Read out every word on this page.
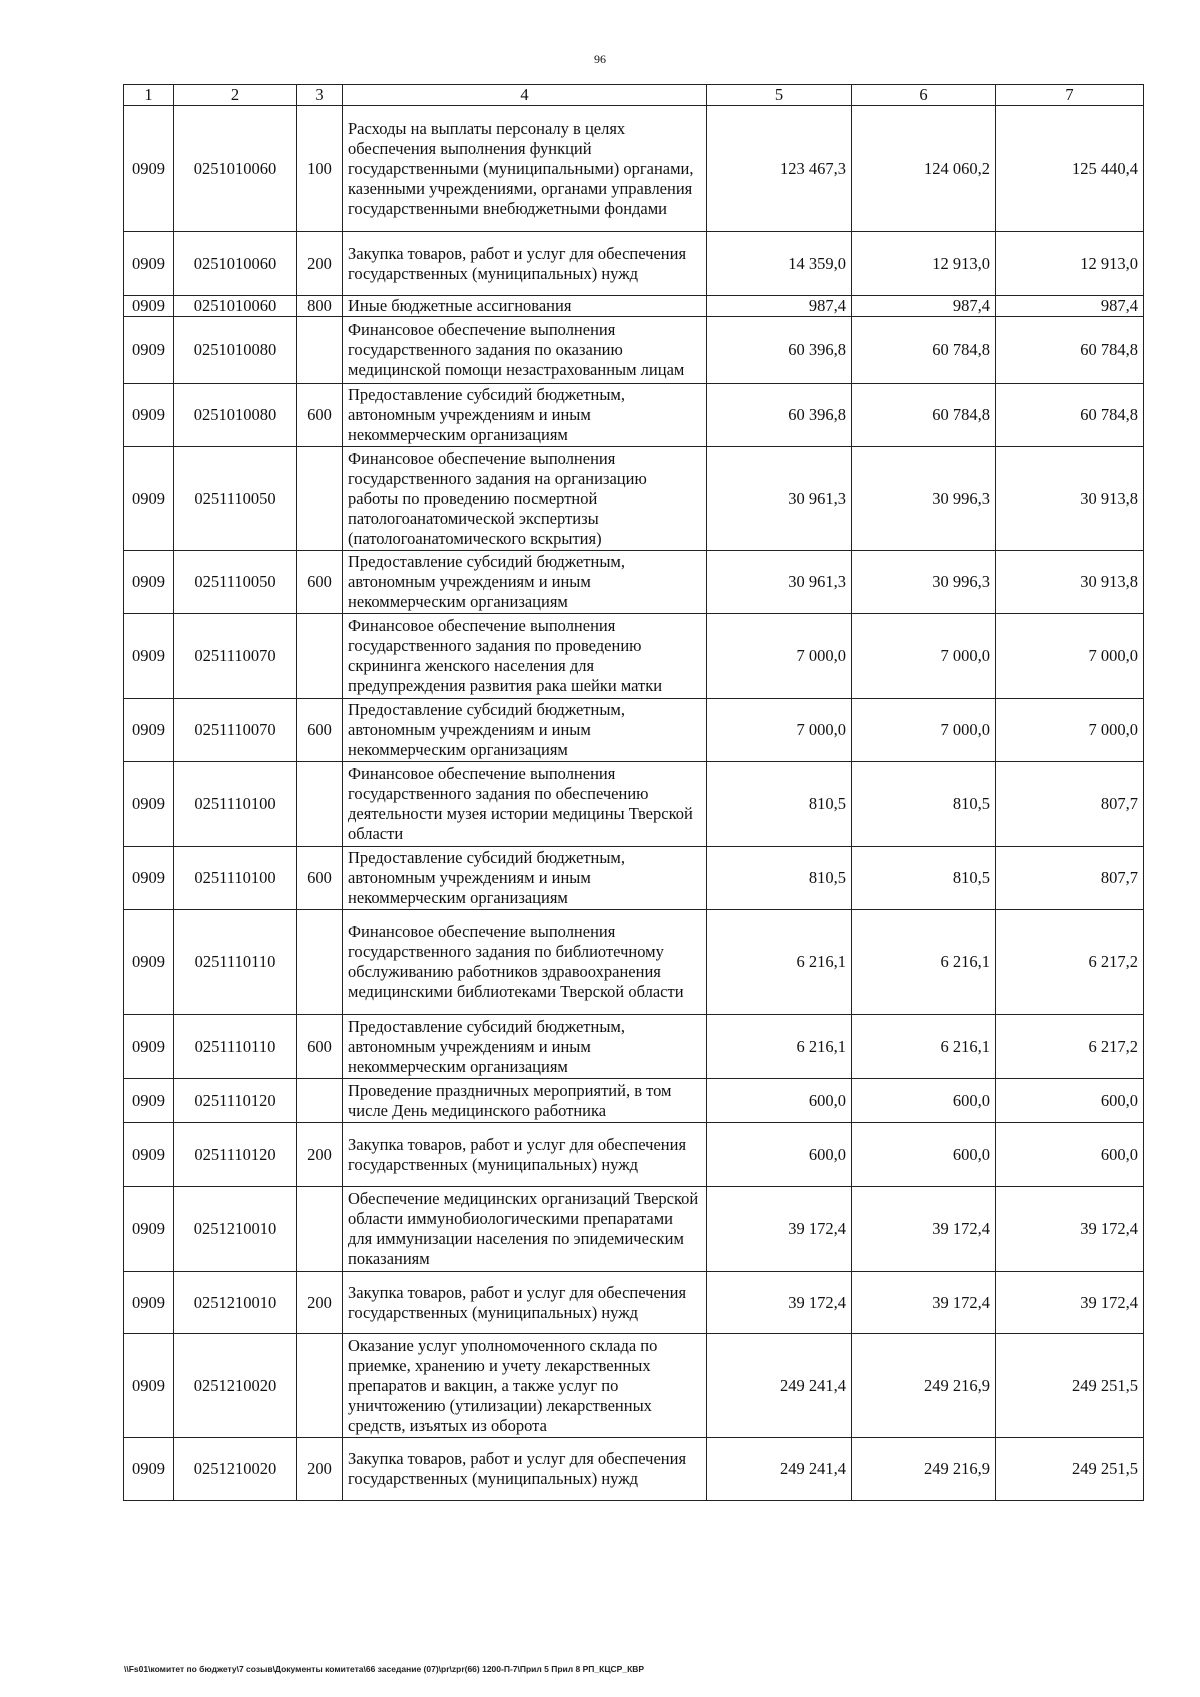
96
1	2	3	4	5	6	7
0909	0251010060	100	Расходы на выплаты персоналу в целях обеспечения выполнения функций государственными (муниципальными) органами, казенными учреждениями, органами управления государственными внебюджетными фондами	123 467,3	124 060,2	125 440,4
0909	0251010060	200	Закупка товаров, работ и услуг для обеспечения государственных (муниципальных) нужд	14 359,0	12 913,0	12 913,0
0909	0251010060	800	Иные бюджетные ассигнования	987,4	987,4	987,4
0909	0251010080		Финансовое обеспечение выполнения государственного задания по оказанию медицинской помощи незастрахованным лицам	60 396,8	60 784,8	60 784,8
0909	0251010080	600	Предоставление субсидий бюджетным, автономным учреждениям и иным некоммерческим организациям	60 396,8	60 784,8	60 784,8
0909	0251110050		Финансовое обеспечение выполнения государственного задания на организацию работы по проведению посмертной патологоанатомической экспертизы (патологоанатомического вскрытия)	30 961,3	30 996,3	30 913,8
0909	0251110050	600	Предоставление субсидий бюджетным, автономным учреждениям и иным некоммерческим организациям	30 961,3	30 996,3	30 913,8
0909	0251110070		Финансовое обеспечение выполнения государственного задания по проведению скрининга женского населения для предупреждения развития рака шейки матки	7 000,0	7 000,0	7 000,0
0909	0251110070	600	Предоставление субсидий бюджетным, автономным учреждениям и иным некоммерческим организациям	7 000,0	7 000,0	7 000,0
0909	0251110100		Финансовое обеспечение выполнения государственного задания по обеспечению деятельности музея истории медицины Тверской области	810,5	810,5	807,7
0909	0251110100	600	Предоставление субсидий бюджетным, автономным учреждениям и иным некоммерческим организациям	810,5	810,5	807,7
0909	0251110110		Финансовое обеспечение выполнения государственного задания по библиотечному обслуживанию работников здравоохранения медицинскими библиотеками Тверской области	6 216,1	6 216,1	6 217,2
0909	0251110110	600	Предоставление субсидий бюджетным, автономным учреждениям и иным некоммерческим организациям	6 216,1	6 216,1	6 217,2
0909	0251110120		Проведение праздничных мероприятий, в том числе День медицинского работника	600,0	600,0	600,0
0909	0251110120	200	Закупка товаров, работ и услуг для обеспечения государственных (муниципальных) нужд	600,0	600,0	600,0
0909	0251210010		Обеспечение медицинских организаций Тверской области иммунобиологическими препаратами для иммунизации населения по эпидемическим показаниям	39 172,4	39 172,4	39 172,4
0909	0251210010	200	Закупка товаров, работ и услуг для обеспечения государственных (муниципальных) нужд	39 172,4	39 172,4	39 172,4
0909	0251210020		Оказание услуг уполномоченного склада по приемке, хранению и учету лекарственных препаратов и вакцин, а также услуг по уничтожению (утилизации) лекарственных средств, изъятых из оборота	249 241,4	249 216,9	249 251,5
0909	0251210020	200	Закупка товаров, работ и услуг для обеспечения государственных (муниципальных) нужд	249 241,4	249 216,9	249 251,5
\\Fs01\комитет по бюджету\7 созыв\Документы комитета\66 заседание (07)\pr\zpr(66) 1200-П-7\Прил 5 Прил 8 РП_КЦСР_КВР
